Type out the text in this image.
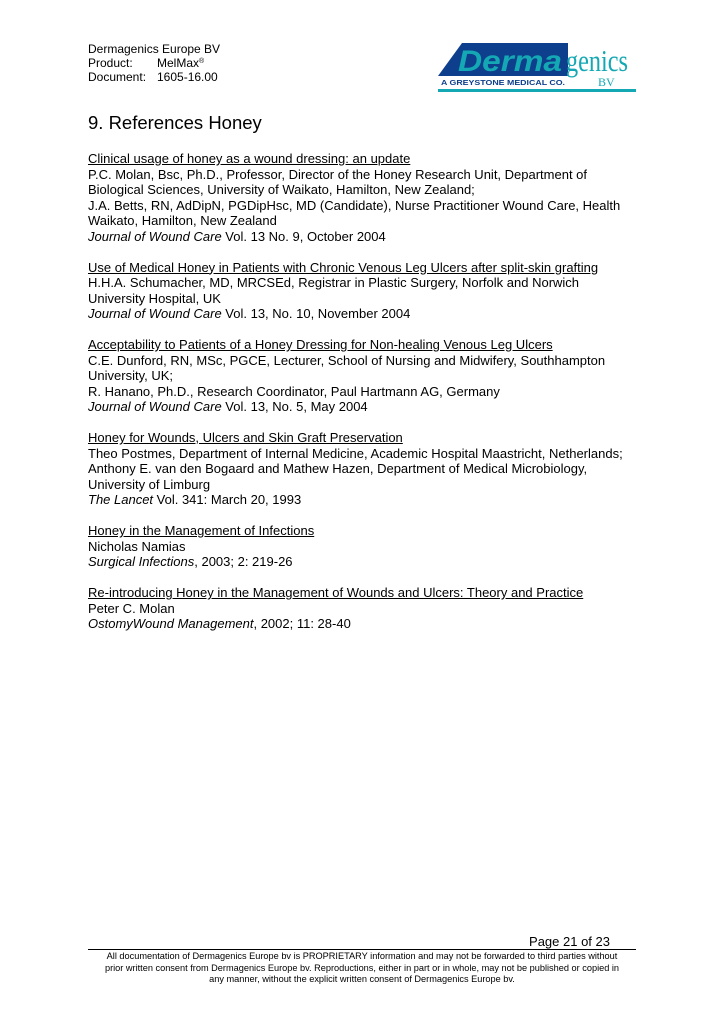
Dermagenics Europe BV
Product: MelMax®
Document: 1605-16.00	Derma genics
A GREYSTONE MEDICAL CO.	BV
9. References Honey
Clinical usage of honey as a wound dressing: an update
P.C. Molan, Bsc, Ph.D., Professor, Director of the Honey Research Unit, Department of
Biological Sciences, University of Waikato, Hamilton, New Zealand;
J.A. Betts, RN, AdDipN, PGDipHsc, MD (Candidate), Nurse Practitioner Wound Care, Health
Waikato, Hamilton, New Zealand
Journal of Wound Care Vol. 13 No. 9, October 2004
Use of Medical Honey in Patients with Chronic Venous Leg Ulcers after split-skin grafting
H.H.A. Schumacher, MD, MRCSEd, Registrar in Plastic Surgery, Norfolk and Norwich
University Hospital, UK
Journal of Wound Care Vol. 13, No. 10, November 2004
Acceptability to Patients of a Honey Dressing for Non-healing Venous Leg Ulcers
C.E. Dunford, RN, MSc, PGCE, Lecturer, School of Nursing and Midwifery, Southhampton
University, UK;
R. Hanano, Ph.D., Research Coordinator, Paul Hartmann AG, Germany
Journal of Wound Care Vol. 13, No. 5, May 2004
Honey for Wounds, Ulcers and Skin Graft Preservation
Theo Postmes, Department of Internal Medicine, Academic Hospital Maastricht, Netherlands;
Anthony E. van den Bogaard and Mathew Hazen, Department of Medical Microbiology,
University of Limburg
The Lancet Vol. 341: March 20, 1993
Honey in the Management of Infections
Nicholas Namias
Surgical Infections, 2003; 2: 219-26
Re-introducing Honey in the Management of Wounds and Ulcers: Theory and Practice
Peter C. Molan
OstomyWound Management, 2002; 11: 28-40
Page 21 of 23
All documentation of Dermagenics Europe bv is PROPRIETARY information and may not be forwarded to third parties without
prior written consent from Dermagenics Europe bv. Reproductions, either in part or in whole, may not be published or copied in
any manner, without the explicit written consent of Dermagenics Europe bv.
